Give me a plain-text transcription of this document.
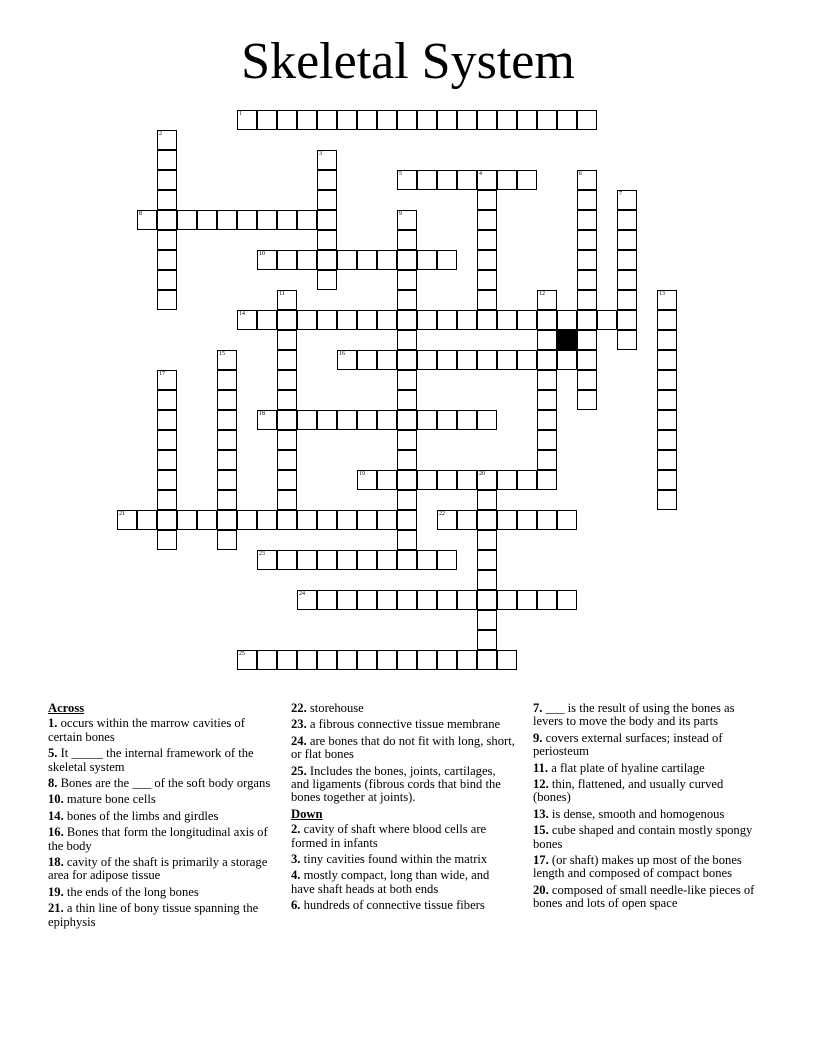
Skeletal System
1
5	4
8
10
14
16
18
19	20
21	22
23
24
25
2
3
6
7
9
11	12	13
15
17
Across
1. occurs within the marrow cavities of certain bones
5. It _____ the internal framework of the skeletal system
8. Bones are the ___ of the soft body organs
10. mature bone cells
14. bones of the limbs and girdles
16. Bones that form the longitudinal axis of the body
18. cavity of the shaft is primarily a storage area for adipose tissue
19. the ends of the long bones
21. a thin line of bony tissue spanning the epiphysis
22. storehouse
23. a fibrous connective tissue membrane
24. are bones that do not fit with long, short, or flat bones
25. Includes the bones, joints, cartilages, and ligaments (fibrous cords that bind the bones together at joints).
Down
2. cavity of shaft where blood cells are formed in infants
3. tiny cavities found within the matrix
4. mostly compact, long than wide, and have shaft heads at both ends
6. hundreds of connective tissue fibers
7. ___ is the result of using the bones as levers to move the body and its parts
9. covers external surfaces; instead of periosteum
11. a flat plate of hyaline cartilage
12. thin, flattened, and usually curved (bones)
13. is dense, smooth and homogenous
15. cube shaped and contain mostly spongy bones
17. (or shaft) makes up most of the bones length and composed of compact bones
20. composed of small needle-like pieces of bones and lots of open space
